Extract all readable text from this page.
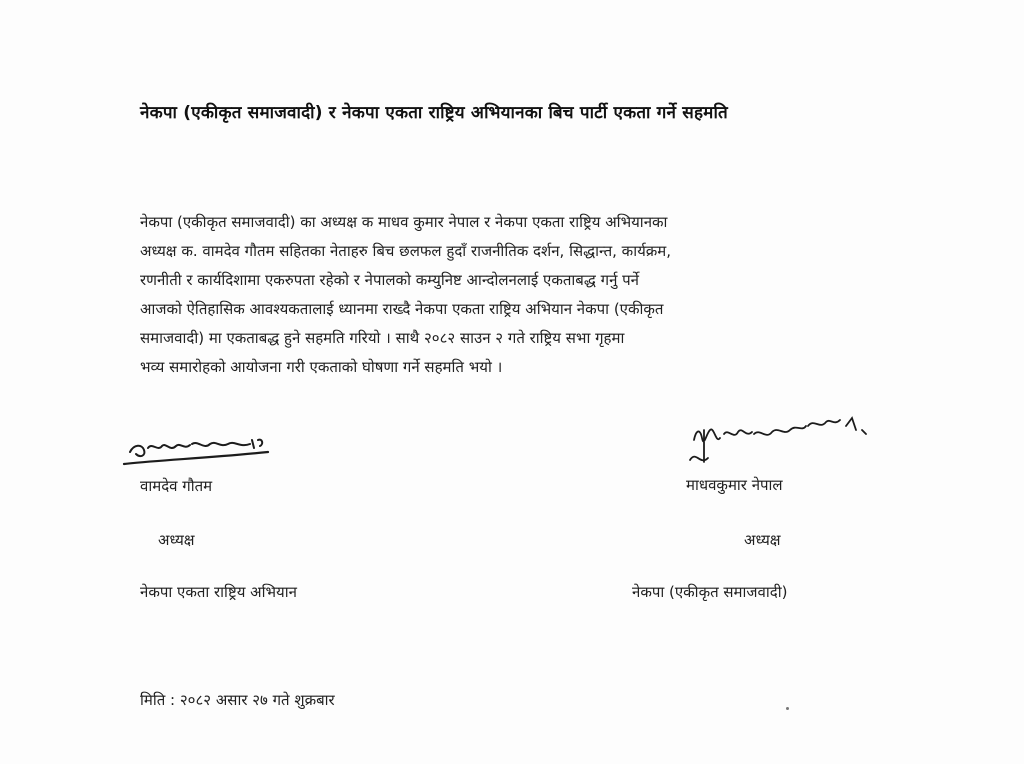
नेकपा (एकीकृत समाजवादी) र नेकपा एकता राष्ट्रिय अभियानका बिच पार्टी एकता गर्ने सहमति
नेकपा (एकीकृत समाजवादी) का अध्यक्ष क माधव कुमार नेपाल र नेकपा एकता राष्ट्रिय अभियानका
अध्यक्ष क. वामदेव गौतम सहितका नेताहरु बिच छलफल हुदाँ राजनीतिक दर्शन, सिद्धान्त, कार्यक्रम,
रणनीती र कार्यदिशामा एकरुपता रहेको र नेपालको कम्युनिष्ट आन्दोलनलाई एकताबद्ध गर्नु पर्ने
आजको ऐतिहासिक आवश्यकतालाई ध्यानमा राख्दै नेकपा एकता राष्ट्रिय अभियान नेकपा (एकीकृत
समाजवादी) मा एकताबद्ध हुने सहमति गरियो । साथै २०८२ साउन २ गते राष्ट्रिय सभा गृहमा
भव्य समारोहको आयोजना गरी एकताको घोषणा गर्ने सहमति भयो ।
वामदेव गौतम
अध्यक्ष
नेकपा एकता राष्ट्रिय अभियान
माधवकुमार नेपाल
अध्यक्ष
नेकपा (एकीकृत समाजवादी)
मिति : २०८२ असार २७ गते शुक्रबार
